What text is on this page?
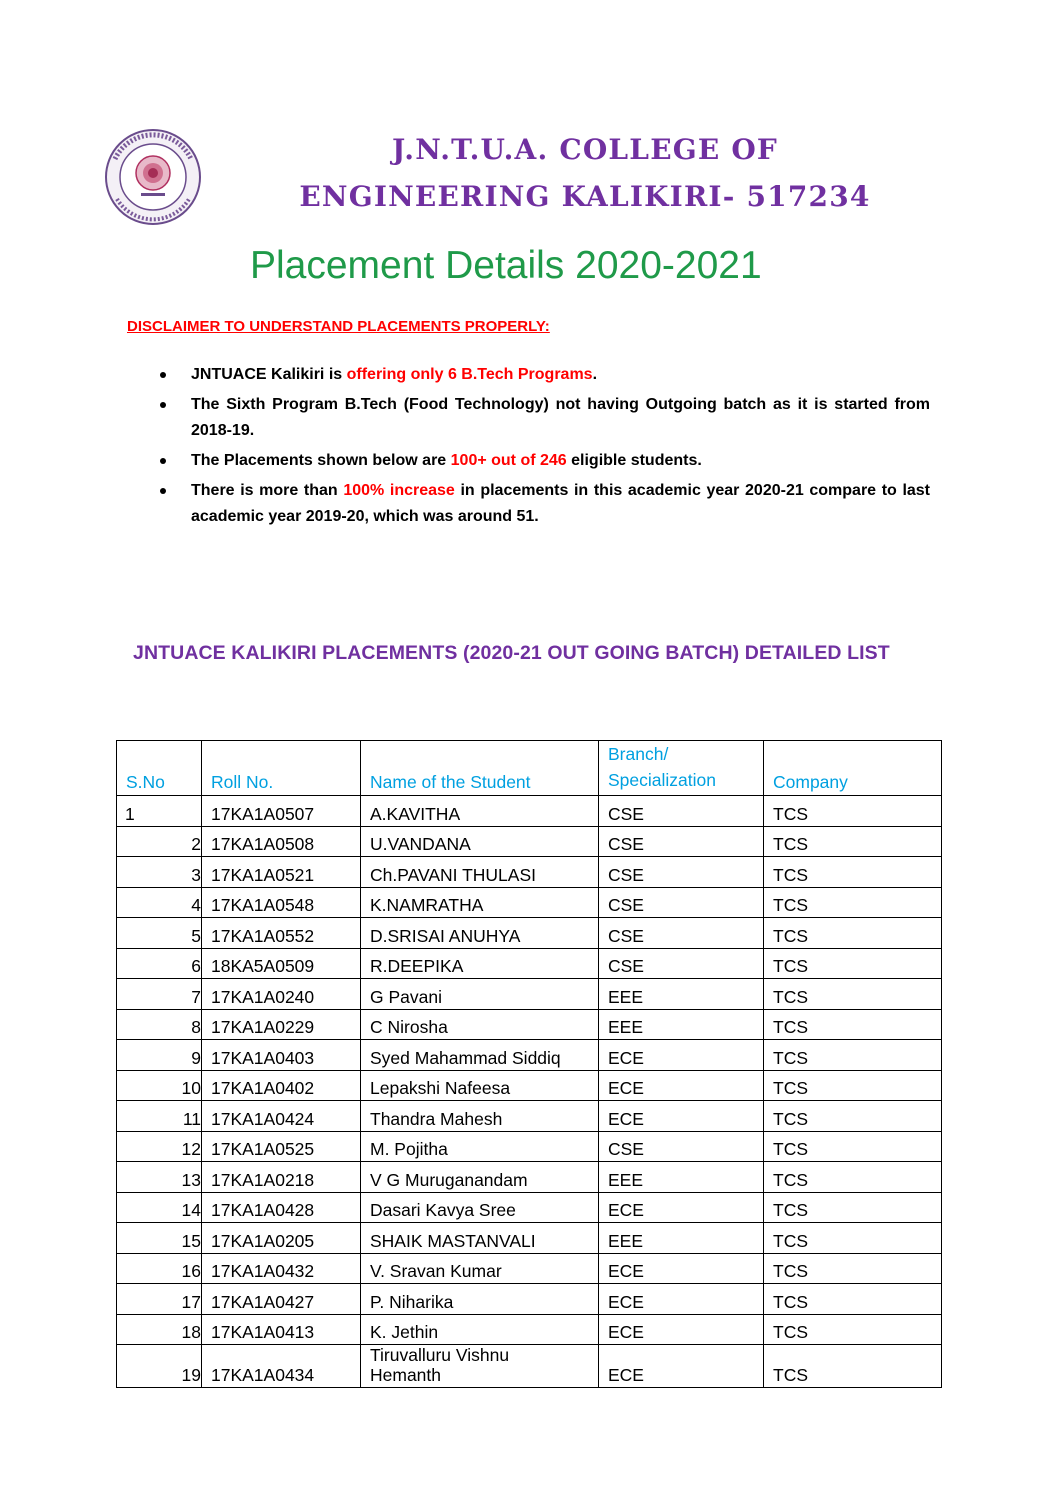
J.N.T.U.A. COLLEGE OF
ENGINEERING KALIKIRI- 517234
Placement Details 2020-2021
DISCLAIMER TO UNDERSTAND PLACEMENTS PROPERLY:
JNTUACE Kalikiri is offering only 6 B.Tech Programs.
The Sixth Program B.Tech (Food Technology) not having Outgoing batch as it is started from 2018-19.
The Placements shown below are 100+ out of 246 eligible students.
There is more than 100% increase in placements in this academic year 2020-21 compare to last academic year 2019-20, which was around 51.
JNTUACE KALIKIRI PLACEMENTS (2020-21 OUT GOING BATCH) DETAILED LIST
S.No	Roll No.	Name of the Student	Branch/
Specialization	Company
1	17KA1A0507	A.KAVITHA	CSE	TCS
2	17KA1A0508	U.VANDANA	CSE	TCS
3	17KA1A0521	Ch.PAVANI THULASI	CSE	TCS
4	17KA1A0548	K.NAMRATHA	CSE	TCS
5	17KA1A0552	D.SRISAI ANUHYA	CSE	TCS
6	18KA5A0509	R.DEEPIKA	CSE	TCS
7	17KA1A0240	G Pavani	EEE	TCS
8	17KA1A0229	C Nirosha	EEE	TCS
9	17KA1A0403	Syed Mahammad Siddiq	ECE	TCS
10	17KA1A0402	Lepakshi Nafeesa	ECE	TCS
11	17KA1A0424	Thandra Mahesh	ECE	TCS
12	17KA1A0525	M. Pojitha	CSE	TCS
13	17KA1A0218	V G Muruganandam	EEE	TCS
14	17KA1A0428	Dasari Kavya Sree	ECE	TCS
15	17KA1A0205	SHAIK MASTANVALI	EEE	TCS
16	17KA1A0432	V. Sravan Kumar	ECE	TCS
17	17KA1A0427	P. Niharika	ECE	TCS
18	17KA1A0413	K. Jethin	ECE	TCS
19	17KA1A0434	Tiruvalluru Vishnu
Hemanth	ECE	TCS
